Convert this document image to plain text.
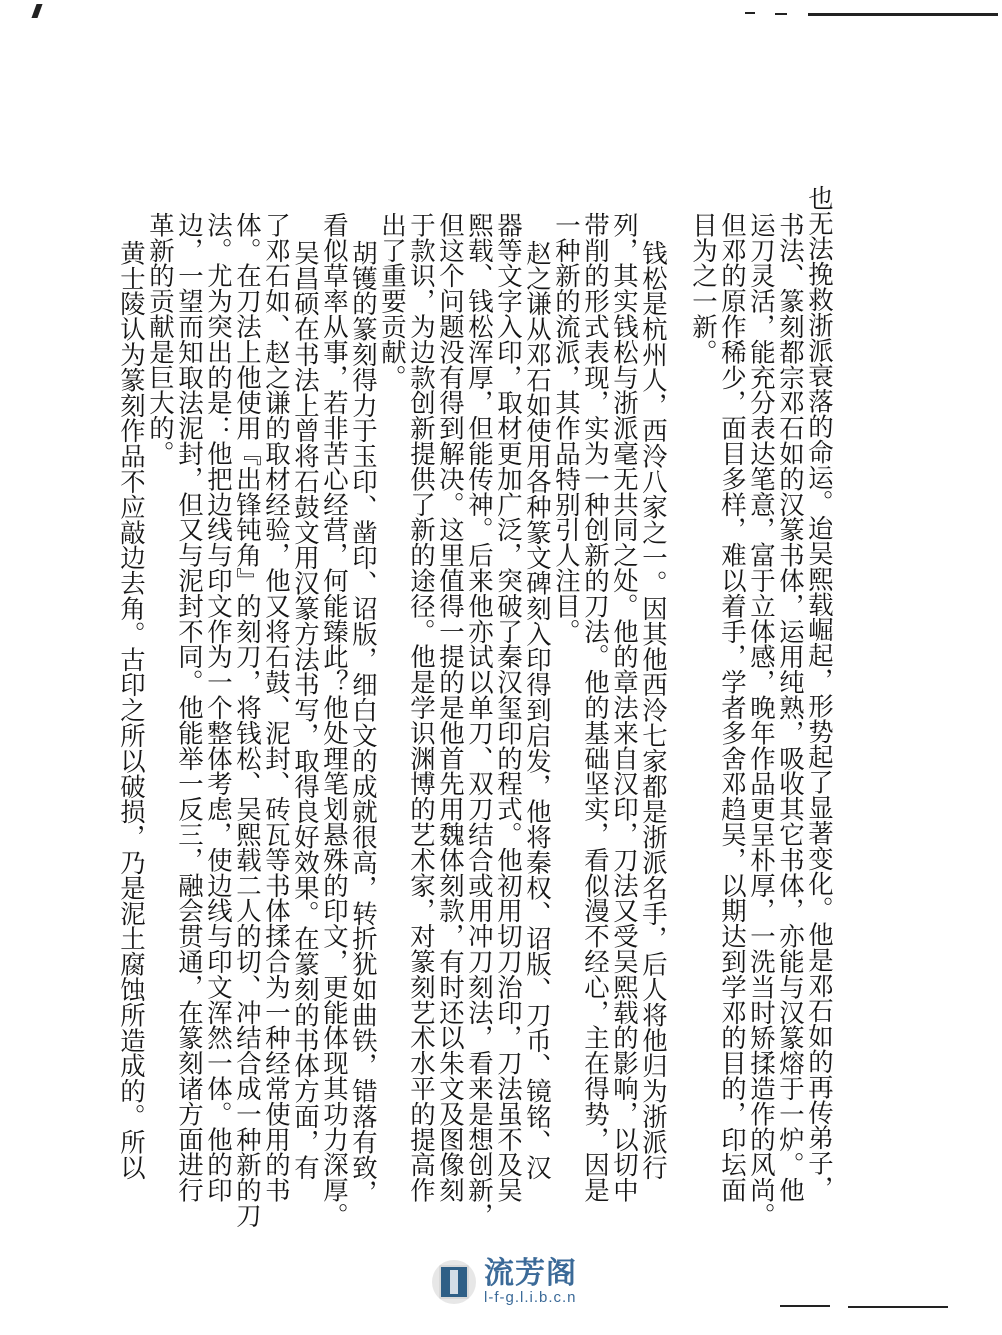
也无法挽救浙派衰落的命运。迨吴熙载崛起，形势起了显著变化。他是邓石如的再传弟子，
书法、篆刻都宗邓石如的汉篆书体，运用纯熟，吸收其它书体，亦能与汉篆熔于一炉。他
运刀灵活，能充分表达笔意，富于立体感，晚年作品更呈朴厚，一洗当时矫揉造作的风尚。
但邓的原作稀少，面目多样，难以着手，学者多舍邓趋吴，以期达到学邓的目的，印坛面
目为之一新。
钱松是杭州人，西泠八家之一。因其他西泠七家都是浙派名手，后人将他归为浙派行
列，其实钱松与浙派毫无共同之处。他的章法来自汉印，刀法又受吴熙载的影响，以切中
带削的形式表现，实为一种创新的刀法。他的基础坚实，看似漫不经心，主在得势，因是
一种新的流派，其作品特别引人注目。
赵之谦从邓石如使用各种篆文碑刻入印得到启发，他将秦权、诏版、刀币、镜铭、汉
器等文字入印，取材更加广泛，突破了秦汉玺印的程式。他初用切刀治印，刀法虽不及吴
熙载、钱松浑厚，但能传神。后来他亦试以单刀、双刀结合或用冲刀刻法，看来是想创新，
但这个问题没有得到解决。这里值得一提的是他首先用魏体刻款，有时还以朱文及图像刻
于款识，为边款创新提供了新的途径。他是学识渊博的艺术家，对篆刻艺术水平的提高作
出了重要贡献。
胡镬的篆刻得力于玉印、凿印、诏版，细白文的成就很高，转折犹如曲铁，错落有致，
看似草率从事，若非苦心经营，何能臻此？他处理笔划悬殊的印文，更能体现其功力深厚。
吴昌硕在书法上曾将石鼓文用汉篆方法书写，取得良好效果。在篆刻的书体方面，有
了邓石如、赵之谦的取材经验，他又将石鼓、泥封、砖瓦等书体揉合为一种经常使用的书
体。在刀法上他使用『出锋钝角』的刻刀，将钱松、吴熙载二人的切、冲结合成一种新的刀
法。尤为突出的是：他把边线与印文作为一个整体考虑，使边线与印文浑然一体。他的印
边，一望而知取法泥封，但又与泥封不同。他能举一反三，融会贯通，在篆刻诸方面进行
革新的贡献是巨大的。
黄士陵认为篆刻作品不应敲边去角。古印之所以破损，乃是泥土腐蚀所造成的。所以
流芳阁
l-f-g.l.i.b.c.n
